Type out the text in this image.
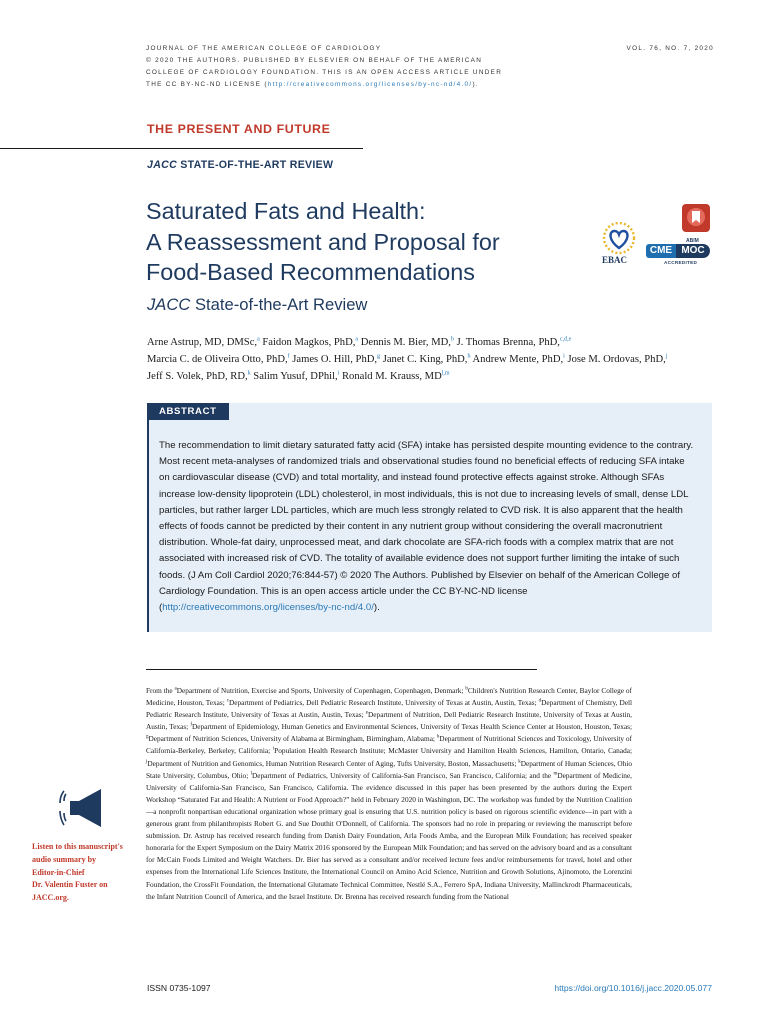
JOURNAL OF THE AMERICAN COLLEGE OF CARDIOLOGY
© 2020 THE AUTHORS. PUBLISHED BY ELSEVIER ON BEHALF OF THE AMERICAN
COLLEGE OF CARDIOLOGY FOUNDATION. THIS IS AN OPEN ACCESS ARTICLE UNDER
THE CC BY-NC-ND LICENSE (http://creativecommons.org/licenses/by-nc-nd/4.0/).
VOL. 76, NO. 7, 2020
THE PRESENT AND FUTURE
JACC STATE-OF-THE-ART REVIEW
Saturated Fats and Health:
A Reassessment and Proposal for
Food-Based Recommendations
JACC State-of-the-Art Review
EBAC
ABIM
CME MOC
ACCREDITED
Arne Astrup, MD, DMSc,$^a$ Faidon Magkos, PhD,$^a$ Dennis M. Bier, MD,$^b$ J. Thomas Brenna, PhD,$^{c,d,e}$
Marcia C. de Oliveira Otto, PhD,$^f$ James O. Hill, PhD,$^g$ Janet C. King, PhD,$^h$ Andrew Mente, PhD,$^i$ Jose M. Ordovas, PhD,$^j$
Jeff S. Volek, PhD, RD,$^k$ Salim Yusuf, DPhil,$^i$ Ronald M. Krauss, MD$^{l,m}$
ABSTRACT
The recommendation to limit dietary saturated fatty acid (SFA) intake has persisted despite mounting evidence to the contrary. Most recent meta-analyses of randomized trials and observational studies found no beneficial effects of reducing SFA intake on cardiovascular disease (CVD) and total mortality, and instead found protective effects against stroke. Although SFAs increase low-density lipoprotein (LDL) cholesterol, in most individuals, this is not due to increasing levels of small, dense LDL particles, but rather larger LDL particles, which are much less strongly related to CVD risk. It is also apparent that the health effects of foods cannot be predicted by their content in any nutrient group without considering the overall macronutrient distribution. Whole-fat dairy, unprocessed meat, and dark chocolate are SFA-rich foods with a complex matrix that are not associated with increased risk of CVD. The totality of available evidence does not support further limiting the intake of such foods. (J Am Coll Cardiol 2020;76:844-57) © 2020 The Authors. Published by Elsevier on behalf of the American College of Cardiology Foundation. This is an open access article under the CC BY-NC-ND license (http://creativecommons.org/licenses/by-nc-nd/4.0/).
Listen to this manuscript's
audio summary by
Editor-in-Chief
Dr. Valentin Fuster on
JACC.org.
From the $^a$Department of Nutrition, Exercise and Sports, University of Copenhagen, Copenhagen, Denmark; $^b$Children's Nutrition Research Center, Baylor College of Medicine, Houston, Texas; $^c$Department of Pediatrics, Dell Pediatric Research Institute, University of Texas at Austin, Austin, Texas; $^d$Department of Chemistry, Dell Pediatric Research Institute, University of Texas at Austin, Austin, Texas; $^e$Department of Nutrition, Dell Pediatric Research Institute, University of Texas at Austin, Austin, Texas; $^f$Department of Epidemiology, Human Genetics and Environmental Sciences, University of Texas Health Science Center at Houston, Houston, Texas; $^g$Department of Nutrition Sciences, University of Alabama at Birmingham, Birmingham, Alabama; $^h$Department of Nutritional Sciences and Toxicology, University of California-Berkeley, Berkeley, California; $^i$Population Health Research Institute; McMaster University and Hamilton Health Sciences, Hamilton, Ontario, Canada; $^j$Department of Nutrition and Genomics, Human Nutrition Research Center of Aging, Tufts University, Boston, Massachusetts; $^k$Department of Human Sciences, Ohio State University, Columbus, Ohio; $^l$Department of Pediatrics, University of California-San Francisco, San Francisco, California; and the $^m$Department of Medicine, University of California-San Francisco, San Francisco, California. The evidence discussed in this paper has been presented by the authors during the Expert Workshop “Saturated Fat and Health: A Nutrient or Food Approach?” held in February 2020 in Washington, DC. The workshop was funded by the Nutrition Coalition—a nonprofit nonpartisan educational organization whose primary goal is ensuring that U.S. nutrition policy is based on rigorous scientific evidence—in part with a generous grant from philanthropists Robert G. and Sue Douthit O'Donnell, of California. The sponsors had no role in preparing or reviewing the manuscript before submission. Dr. Astrup has received research funding from Danish Dairy Foundation, Arla Foods Amba, and the European Milk Foundation; has received speaker honoraria for the Expert Symposium on the Dairy Matrix 2016 sponsored by the European Milk Foundation; and has served on the advisory board and as a consultant for McCain Foods Limited and Weight Watchers. Dr. Bier has served as a consultant and/or received lecture fees and/or reimbursements for travel, hotel and other expenses from the International Life Sciences Institute, the International Council on Amino Acid Science, Nutrition and Growth Solutions, Ajinomoto, the Lorenzini Foundation, the CrossFit Foundation, the International Glutamate Technical Committee, Nestlé S.A., Ferrero SpA, Indiana University, Mallinckrodt Pharmaceuticals, the Infant Nutrition Council of America, and the Israel Institute. Dr. Brenna has received research funding from the National
ISSN 0735-1097	https://doi.org/10.1016/j.jacc.2020.05.077
